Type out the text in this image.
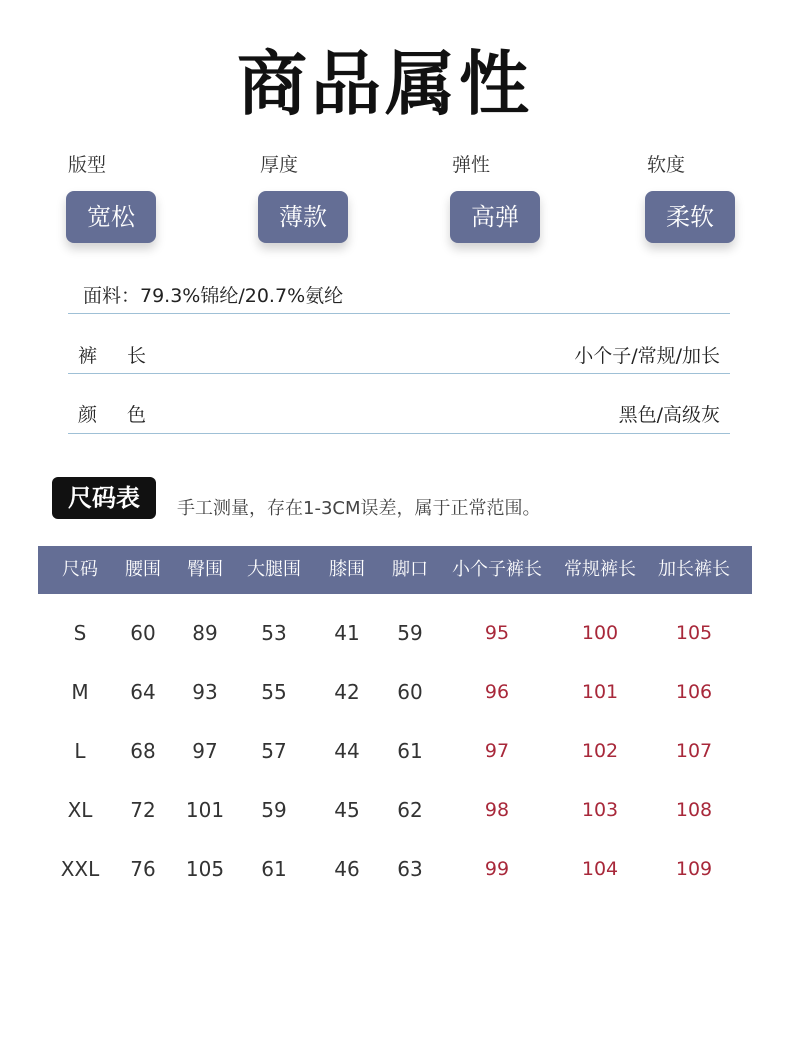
商品属性
版型
宽松
厚度
薄款
弹性
高弹
软度
柔软
面料：79.3%锦纶/20.7%氨纶
裤长	小个子/常规/加长
颜色	黑色/高级灰
尺码表	手工测量，存在1-3CM误差，属于正常范围。
尺码 腰围 臀围 大腿围 膝围 脚口 小个子裤长 常规裤长 加长裤长
S 60 89 53 41 59	95	100	105
M 64 93 55 42 60	96	101	106
L 68 97 57 44 61	97	102	107
XL 72 101 59 45 62	98	103	108
XXL 76 105 61 46 63	99	104	109
